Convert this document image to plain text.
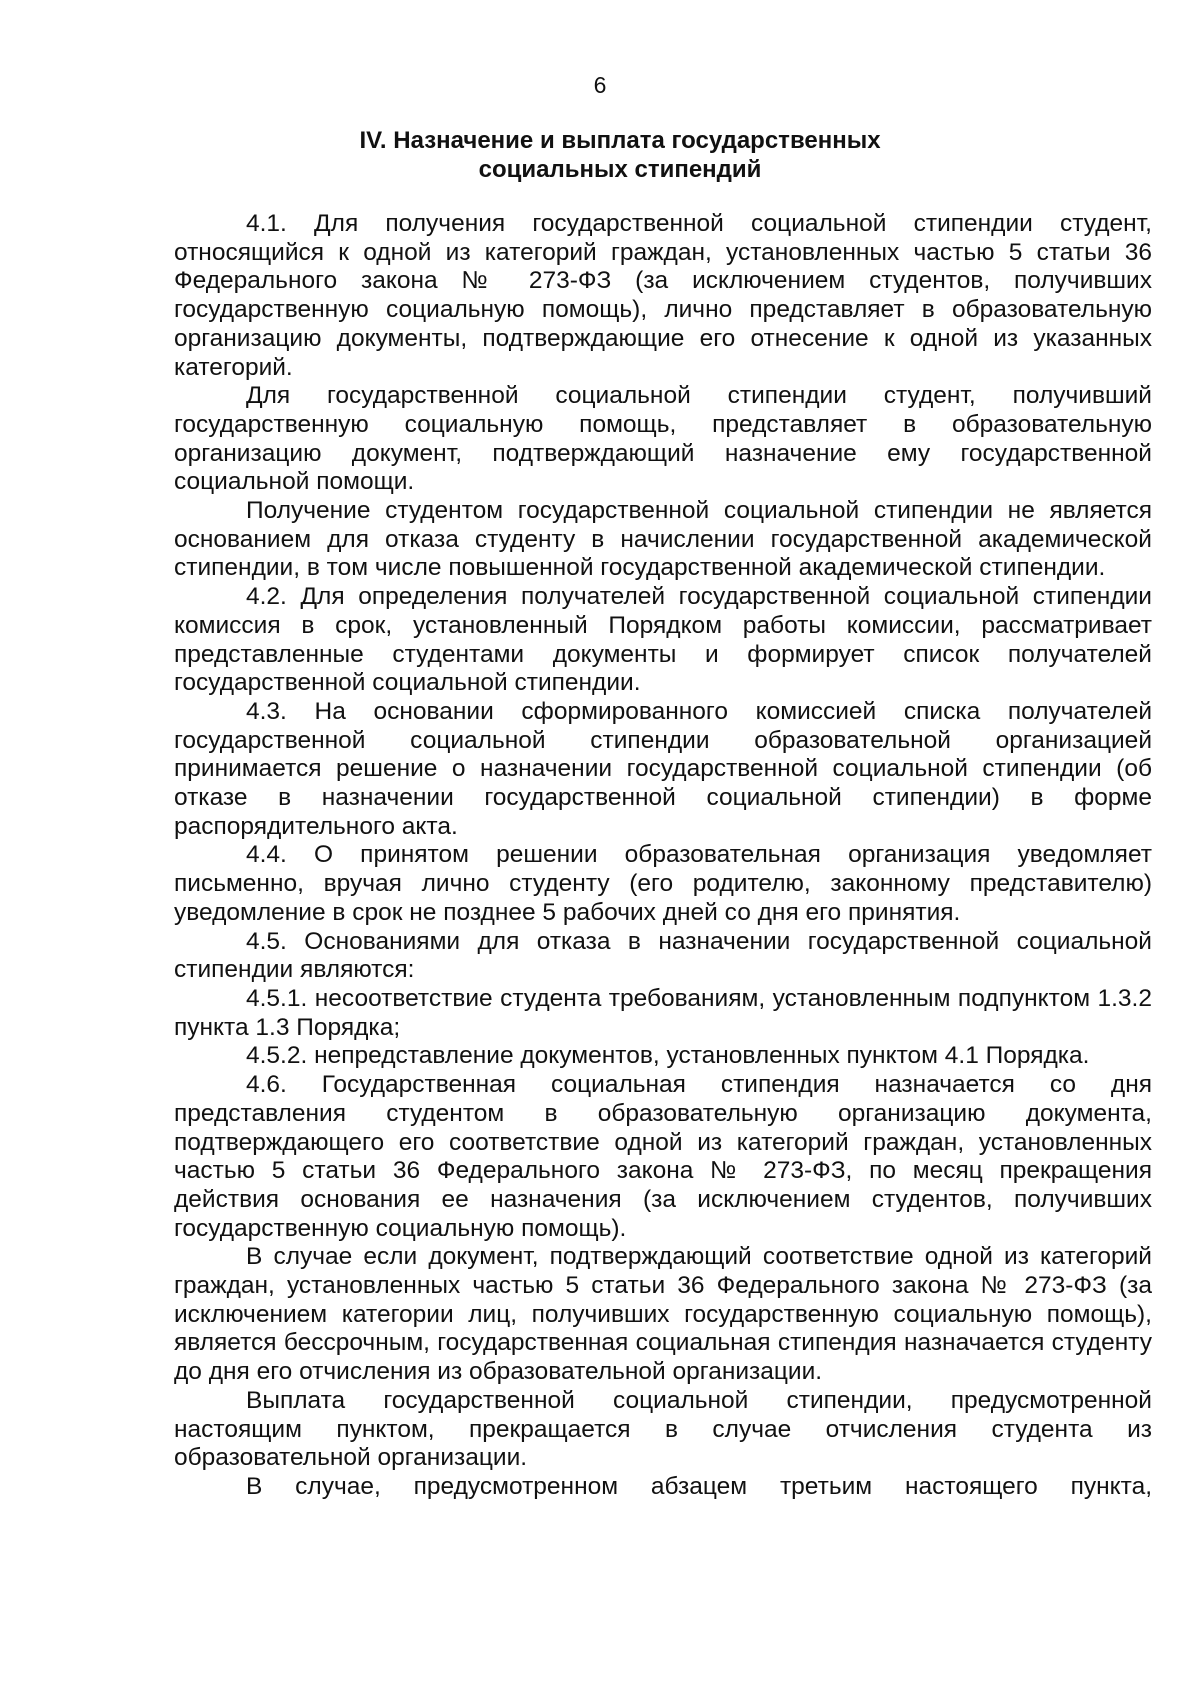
6
IV. Назначение и выплата государственных
социальных стипендий

4.1. Для получения государственной социальной стипендии студент, относящийся к одной из категорий граждан, установленных частью 5 статьи 36 Федерального закона № 273-ФЗ (за исключением студентов, получивших государственную социальную помощь), лично представляет в образовательную организацию документы, подтверждающие его отнесение к одной из указанных категорий.

Для государственной социальной стипендии студент, получивший государственную социальную помощь, представляет в образовательную организацию документ, подтверждающий назначение ему государственной социальной помощи.

Получение студентом государственной социальной стипендии не является основанием для отказа студенту в начислении государственной академической стипендии, в том числе повышенной государственной академической стипендии.

4.2. Для определения получателей государственной социальной стипендии комиссия в срок, установленный Порядком работы комиссии, рассматривает представленные студентами документы и формирует список получателей государственной социальной стипендии.

4.3. На основании сформированного комиссией списка получателей государственной социальной стипендии образовательной организацией принимается решение о назначении государственной социальной стипендии (об отказе в назначении государственной социальной стипендии) в форме распорядительного акта.

4.4. О принятом решении образовательная организация уведомляет письменно, вручая лично студенту (его родителю, законному представителю) уведомление в срок не позднее 5 рабочих дней со дня его принятия.

4.5. Основаниями для отказа в назначении государственной социальной стипендии являются:

4.5.1. несоответствие студента требованиям, установленным подпунктом 1.3.2 пункта 1.3 Порядка;

4.5.2. непредставление документов, установленных пунктом 4.1 Порядка.

4.6. Государственная социальная стипендия назначается со дня представления студентом в образовательную организацию документа, подтверждающего его соответствие одной из категорий граждан, установленных частью 5 статьи 36 Федерального закона № 273-ФЗ, по месяц прекращения действия основания ее назначения (за исключением студентов, получивших государственную социальную помощь).

В случае если документ, подтверждающий соответствие одной из категорий граждан, установленных частью 5 статьи 36 Федерального закона № 273-ФЗ (за исключением категории лиц, получивших государственную социальную помощь), является бессрочным, государственная социальная стипендия назначается студенту до дня его отчисления из образовательной организации.

Выплата государственной социальной стипендии, предусмотренной настоящим пунктом, прекращается в случае отчисления студента из образовательной организации.

В случае, предусмотренном абзацем третьим настоящего пункта,
